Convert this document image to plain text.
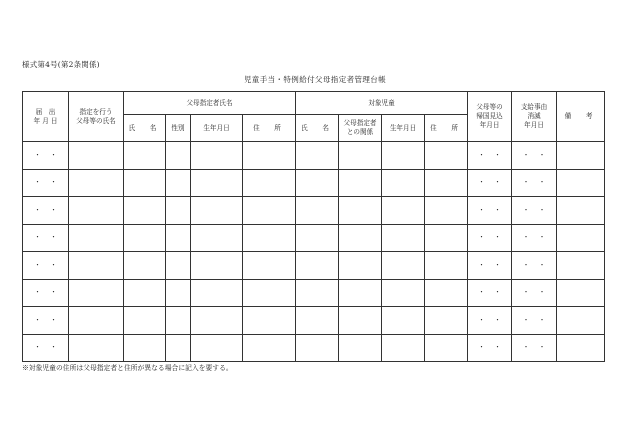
様式第4号(第2条関係)
児童手当・特例給付父母指定者管理台帳
届　出
年 月 日	指定を行う
父母等の氏名	父母指定者氏名				対象児童				父母等の
帰国見込
年月日	支給事由
消滅
年月日	備　考
		氏　名	性別	生年月日	住　所	氏　名	父母指定者
との関係	生年月日	住　所			
・・										・・	・・	
・・										・・	・・	
・・										・・	・・	
・・										・・	・・	
・・										・・	・・	
・・										・・	・・	
・・										・・	・・	
・・										・・	・・	
※対象児童の住所は父母指定者と住所が異なる場合に記入を要する。
